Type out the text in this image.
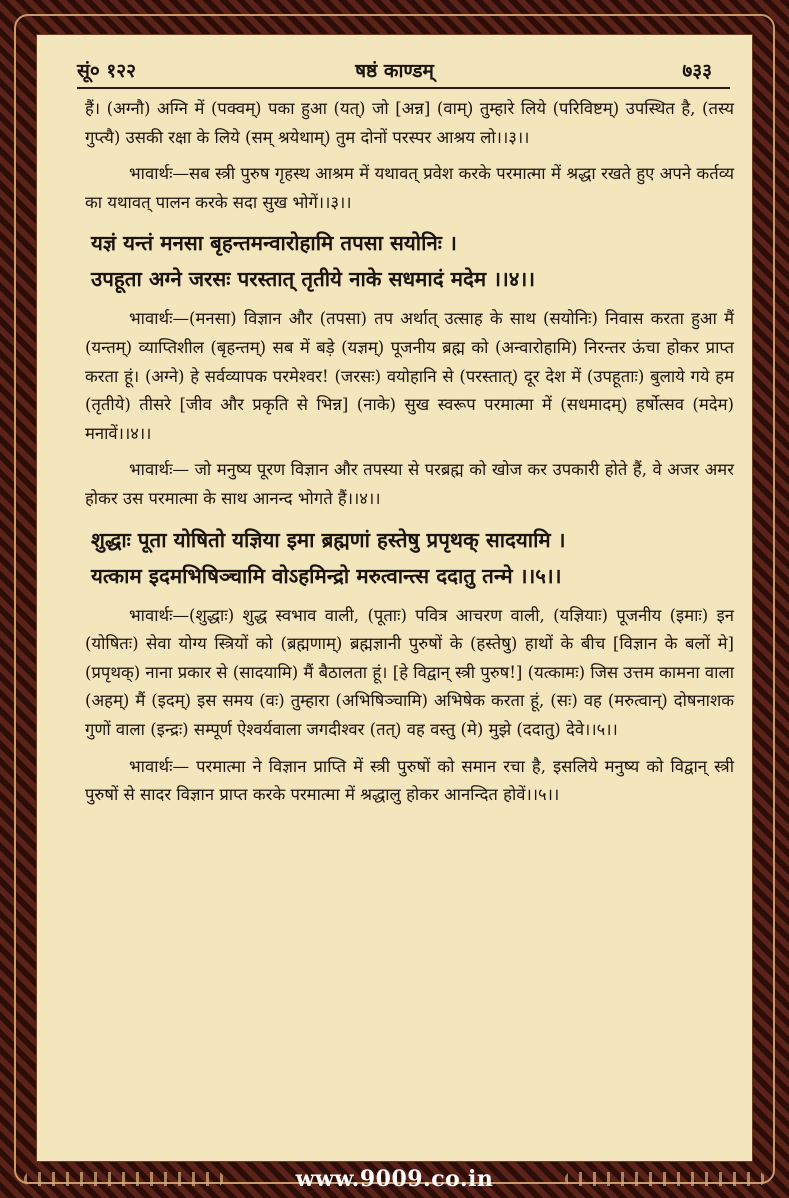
सूं० १२२	षष्ठं काण्डम्	७३३

हैं। (अग्नौ) अग्नि में (पक्वम्) पका हुआ (यत्) जो [अन्न] (वाम्) तुम्हारे लिये (परिविष्टम्) उपस्थित है, (तस्य गुप्त्यै) उसकी रक्षा के लिये (सम् श्रयेथाम्) तुम दोनों परस्पर आश्रय लो।।३।।

भावार्थः—सब स्त्री पुरुष गृहस्थ आश्रम में यथावत् प्रवेश करके परमात्मा में श्रद्धा रखते हुए अपने कर्तव्य का यथावत् पालन करके सदा सुख भोगें।।३।।

यज्ञं यन्तं मनसा बृहन्तमन्वारोहामि तपसा सयोनिः ।

उपहूता अग्ने जरसः परस्तात् तृतीये नाके सधमादं मदेम ।।४।।

भावार्थः—(मनसा) विज्ञान और (तपसा) तप अर्थात् उत्साह के साथ (सयोनिः) निवास करता हुआ मैं (यन्तम्) व्याप्तिशील (बृहन्तम्) सब में बड़े (यज्ञम्) पूजनीय ब्रह्म को (अन्वारोहामि) निरन्तर ऊंचा होकर प्राप्त करता हूं। (अग्ने) हे सर्वव्यापक परमेश्वर! (जरसः) वयोहानि से (परस्तात्) दूर देश में (उपहूताः) बुलाये गये हम (तृतीये) तीसरे [जीव और प्रकृति से भिन्न] (नाके) सुख स्वरूप परमात्मा में (सधमादम्) हर्षोत्सव (मदेम) मनावें।।४।।

भावार्थः— जो मनुष्य पूरण विज्ञान और तपस्या से परब्रह्म को खोज कर उपकारी होते हैं, वे अजर अमर होकर उस परमात्मा के साथ आनन्द भोगते हैं।।४।।

शुद्धाः पूता योषितो यज्ञिया इमा ब्रह्मणां हस्तेषु प्रपृथक् सादयामि ।

यत्काम इदमभिषिञ्चामि वोऽहमिन्द्रो मरुत्वान्त्स ददातु तन्मे ।।५।।

भावार्थः—(शुद्धाः) शुद्ध स्वभाव वाली, (पूताः) पवित्र आचरण वाली, (यज्ञियाः) पूजनीय (इमाः) इन (योषितः) सेवा योग्य स्त्रियों को (ब्रह्मणाम्) ब्रह्मज्ञानी पुरुषों के (हस्तेषु) हाथों के बीच [विज्ञान के बलों मे] (प्रपृथक्) नाना प्रकार से (सादयामि) मैं बैठालता हूं। [हे विद्वान् स्त्री पुरुष!] (यत्कामः) जिस उत्तम कामना वाला (अहम्) मैं (इदम्) इस समय (वः) तुम्हारा (अभिषिञ्चामि) अभिषेक करता हूं, (सः) वह (मरुत्वान्) दोषनाशक गुणों वाला (इन्द्रः) सम्पूर्ण ऐश्वर्यवाला जगदीश्वर (तत्) वह वस्तु (मे) मुझे (ददातु) देवे।।५।।

भावार्थः— परमात्मा ने विज्ञान प्राप्ति में स्त्री पुरुषों को समान रचा है, इसलिये मनुष्य को विद्वान् स्त्री पुरुषों से सादर विज्ञान प्राप्त करके परमात्मा में श्रद्धालु होकर आनन्दित होवें।।५।।

www.9009.co.in
